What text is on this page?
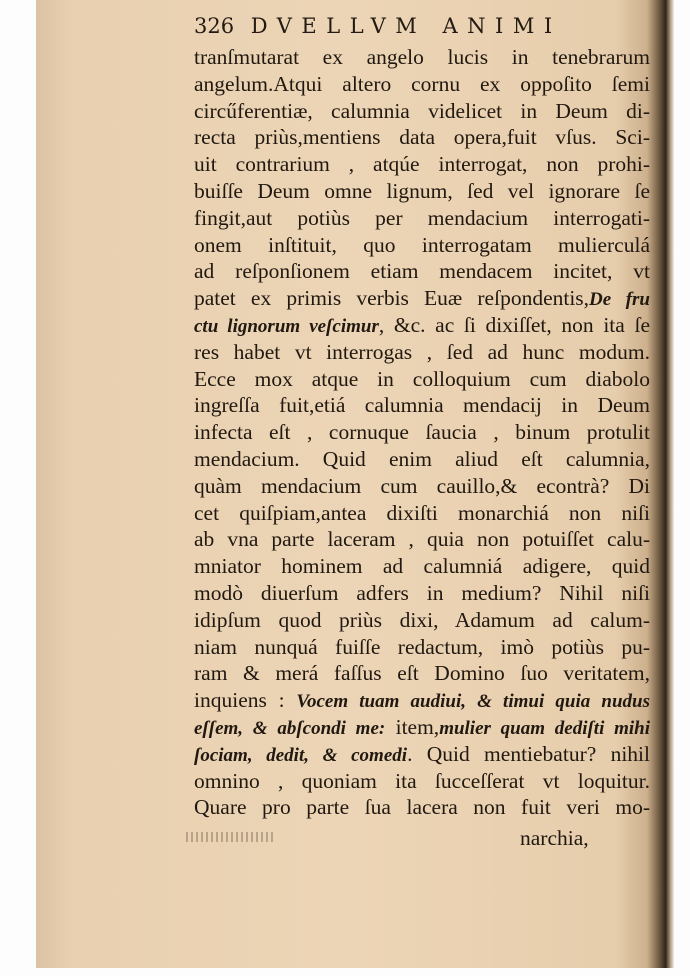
326 DVELLVM ANIMI
tranſmutarat ex angelo lucis in tenebrarum
angelum.Atqui altero cornu ex oppoſito ſemi
circűferentiæ, calumnia videlicet in Deum di-
recta priùs,mentiens data opera,fuit vſus. Sci-
uit contrarium , atqúe interrogat, non prohi-
buiſſe Deum omne lignum, ſed vel ignorare ſe
fingit,aut potiùs per mendacium interrogati-
onem inſtituit, quo interrogatam mulierculá
ad reſponſionem etiam mendacem incitet, vt
patet ex primis verbis Euæ reſpondentis,De fru
ctu lignorum veſcimur, &c. ac ſi dixiſſet, non ita ſe
res habet vt interrogas , ſed ad hunc modum.
Ecce mox atque in colloquium cum diabolo
ingreſſa fuit,etiá calumnia mendacij in Deum
infecta eſt , cornuque ſaucia , binum protulit
mendacium. Quid enim aliud eſt calumnia,
quàm mendacium cum cauillo,& econtrà? Di
cet quiſpiam,antea dixiſti monarchiá non niſi
ab vna parte laceram , quia non potuiſſet calu-
mniator hominem ad calumniá adigere, quid
modò diuerſum adfers in medium? Nihil niſi
idipſum quod priùs dixi, Adamum ad calum-
niam nunquá fuiſſe redactum, imò potiùs pu-
ram & merá faſſus eſt Domino ſuo veritatem,
inquiens : Vocem tuam audiui, & timui quia nudus
eſſem, & abſcondi me: item,mulier quam dediſti mihi
ſociam, dedit, & comedi. Quid mentiebatur? nihil
omnino , quoniam ita ſucceſſerat vt loquitur.
Quare pro parte ſua lacera non fuit veri mo-
narchia,
